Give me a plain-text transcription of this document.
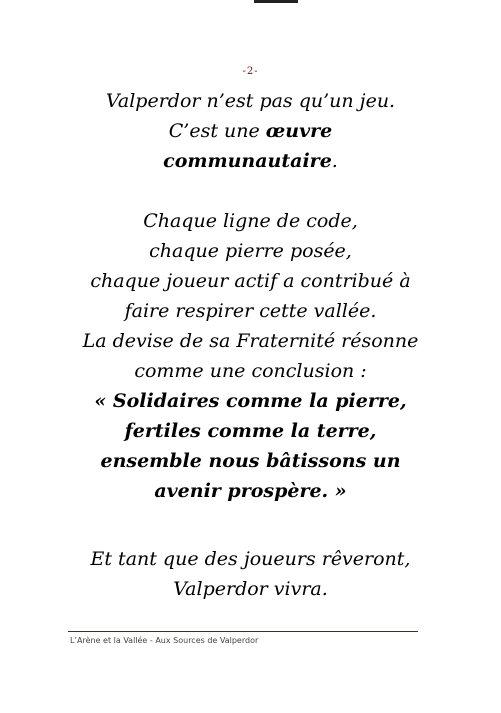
-2-
Valperdor n’est pas qu’un jeu.
C’est une œuvre
communautaire.
Chaque ligne de code,
chaque pierre posée,
chaque joueur actif a contribué à
faire respirer cette vallée.
La devise de sa Fraternité résonne
comme une conclusion :
« Solidaires comme la pierre,
fertiles comme la terre,
ensemble nous bâtissons un
avenir prospère. »
Et tant que des joueurs rêveront,
Valperdor vivra.
L’Arène et la Vallée - Aux Sources de Valperdor
